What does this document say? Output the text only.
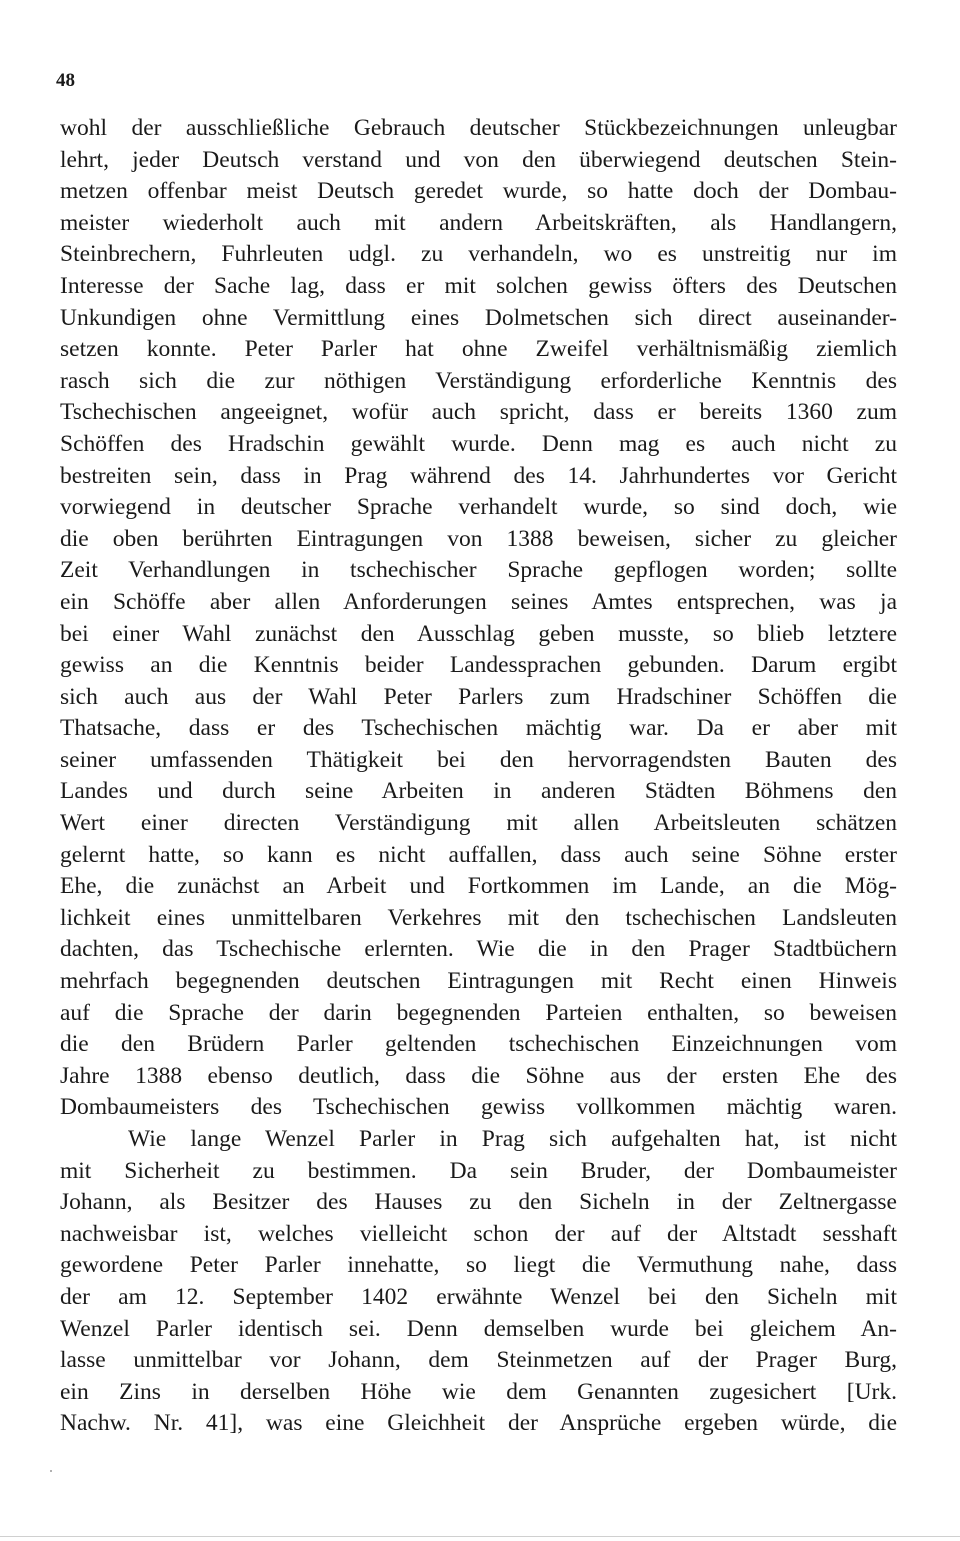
48
wohl der ausschließliche Gebrauch deutscher Stückbezeichnungen unleugbar
lehrt, jeder Deutsch verstand und von den überwiegend deutschen Stein-
metzen offenbar meist Deutsch geredet wurde, so hatte doch der Dombau-
meister wiederholt auch mit andern Arbeitskräften, als Handlangern,
Steinbrechern, Fuhrleuten udgl. zu verhandeln, wo es unstreitig nur im
Interesse der Sache lag, dass er mit solchen gewiss öfters des Deutschen
Unkundigen ohne Vermittlung eines Dolmetschen sich direct auseinander-
setzen konnte. Peter Parler hat ohne Zweifel verhältnismäßig ziemlich
rasch sich die zur nöthigen Verständigung erforderliche Kenntnis des
Tschechischen angeeignet, wofür auch spricht, dass er bereits 1360 zum
Schöffen des Hradschin gewählt wurde. Denn mag es auch nicht zu
bestreiten sein, dass in Prag während des 14. Jahrhundertes vor Gericht
vorwiegend in deutscher Sprache verhandelt wurde, so sind doch, wie
die oben berührten Eintragungen von 1388 beweisen, sicher zu gleicher
Zeit Verhandlungen in tschechischer Sprache gepflogen worden; sollte
ein Schöffe aber allen Anforderungen seines Amtes entsprechen, was ja
bei einer Wahl zunächst den Ausschlag geben musste, so blieb letztere
gewiss an die Kenntnis beider Landessprachen gebunden. Darum ergibt
sich auch aus der Wahl Peter Parlers zum Hradschiner Schöffen die
Thatsache, dass er des Tschechischen mächtig war. Da er aber mit
seiner umfassenden Thätigkeit bei den hervorragendsten Bauten des
Landes und durch seine Arbeiten in anderen Städten Böhmens den
Wert einer directen Verständigung mit allen Arbeitsleuten schätzen
gelernt hatte, so kann es nicht auffallen, dass auch seine Söhne erster
Ehe, die zunächst an Arbeit und Fortkommen im Lande, an die Mög-
lichkeit eines unmittelbaren Verkehres mit den tschechischen Landsleuten
dachten, das Tschechische erlernten. Wie die in den Prager Stadtbüchern
mehrfach begegnenden deutschen Eintragungen mit Recht einen Hinweis
auf die Sprache der darin begegnenden Parteien enthalten, so beweisen
die den Brüdern Parler geltenden tschechischen Einzeichnungen vom
Jahre 1388 ebenso deutlich, dass die Söhne aus der ersten Ehe des
Dombaumeisters des Tschechischen gewiss vollkommen mächtig waren.
Wie lange Wenzel Parler in Prag sich aufgehalten hat, ist nicht
mit Sicherheit zu bestimmen. Da sein Bruder, der Dombaumeister
Johann, als Besitzer des Hauses zu den Sicheln in der Zeltnergasse
nachweisbar ist, welches vielleicht schon der auf der Altstadt sesshaft
gewordene Peter Parler innehatte, so liegt die Vermuthung nahe, dass
der am 12. September 1402 erwähnte Wenzel bei den Sicheln mit
Wenzel Parler identisch sei. Denn demselben wurde bei gleichem An-
lasse unmittelbar vor Johann, dem Steinmetzen auf der Prager Burg,
ein Zins in derselben Höhe wie dem Genannten zugesichert [Urk.
Nachw. Nr. 41], was eine Gleichheit der Ansprüche ergeben würde, die
